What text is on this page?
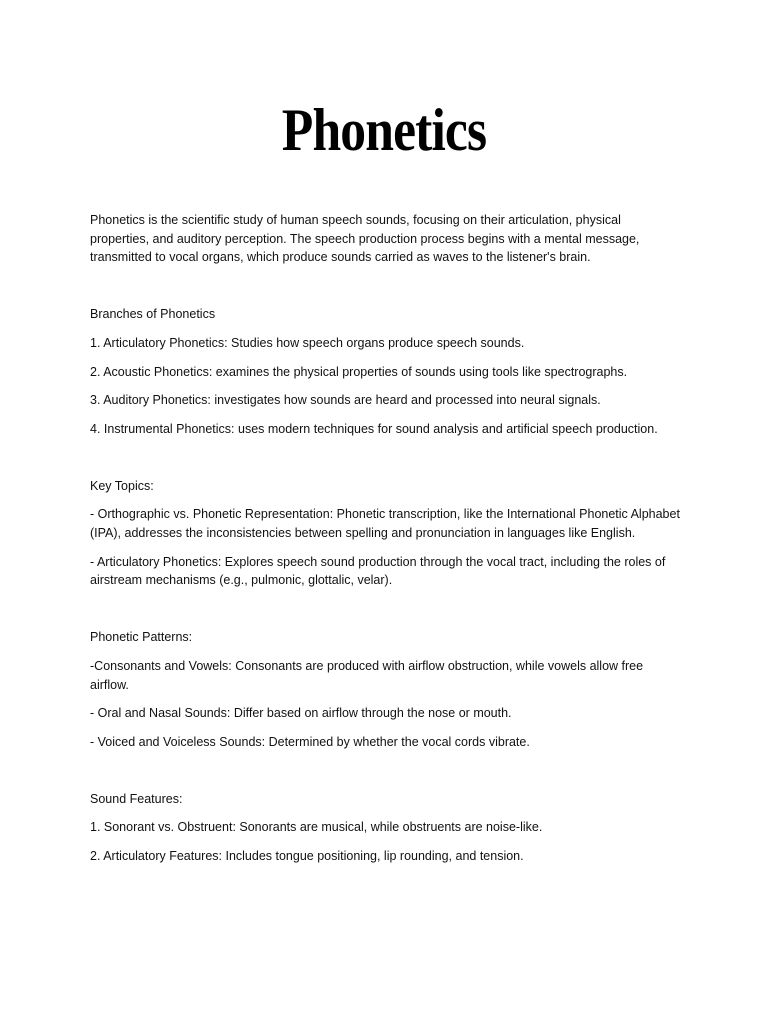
Phonetics

Phonetics is the scientific study of human speech sounds, focusing on their articulation, physical properties, and auditory perception. The speech production process begins with a mental message, transmitted to vocal organs, which produce sounds carried as waves to the listener's brain.

Branches of Phonetics

1. Articulatory Phonetics: Studies how speech organs produce speech sounds.

2. Acoustic Phonetics: examines the physical properties of sounds using tools like spectrographs.

3. Auditory Phonetics: investigates how sounds are heard and processed into neural signals.

4. Instrumental Phonetics: uses modern techniques for sound analysis and artificial speech production.

Key Topics:

- Orthographic vs. Phonetic Representation: Phonetic transcription, like the International Phonetic Alphabet (IPA), addresses the inconsistencies between spelling and pronunciation in languages like English.

- Articulatory Phonetics: Explores speech sound production through the vocal tract, including the roles of airstream mechanisms (e.g., pulmonic, glottalic, velar).

Phonetic Patterns:

-Consonants and Vowels: Consonants are produced with airflow obstruction, while vowels allow free airflow.

- Oral and Nasal Sounds: Differ based on airflow through the nose or mouth.

- Voiced and Voiceless Sounds: Determined by whether the vocal cords vibrate.

Sound Features:

1. Sonorant vs. Obstruent: Sonorants are musical, while obstruents are noise-like.

2. Articulatory Features: Includes tongue positioning, lip rounding, and tension.
